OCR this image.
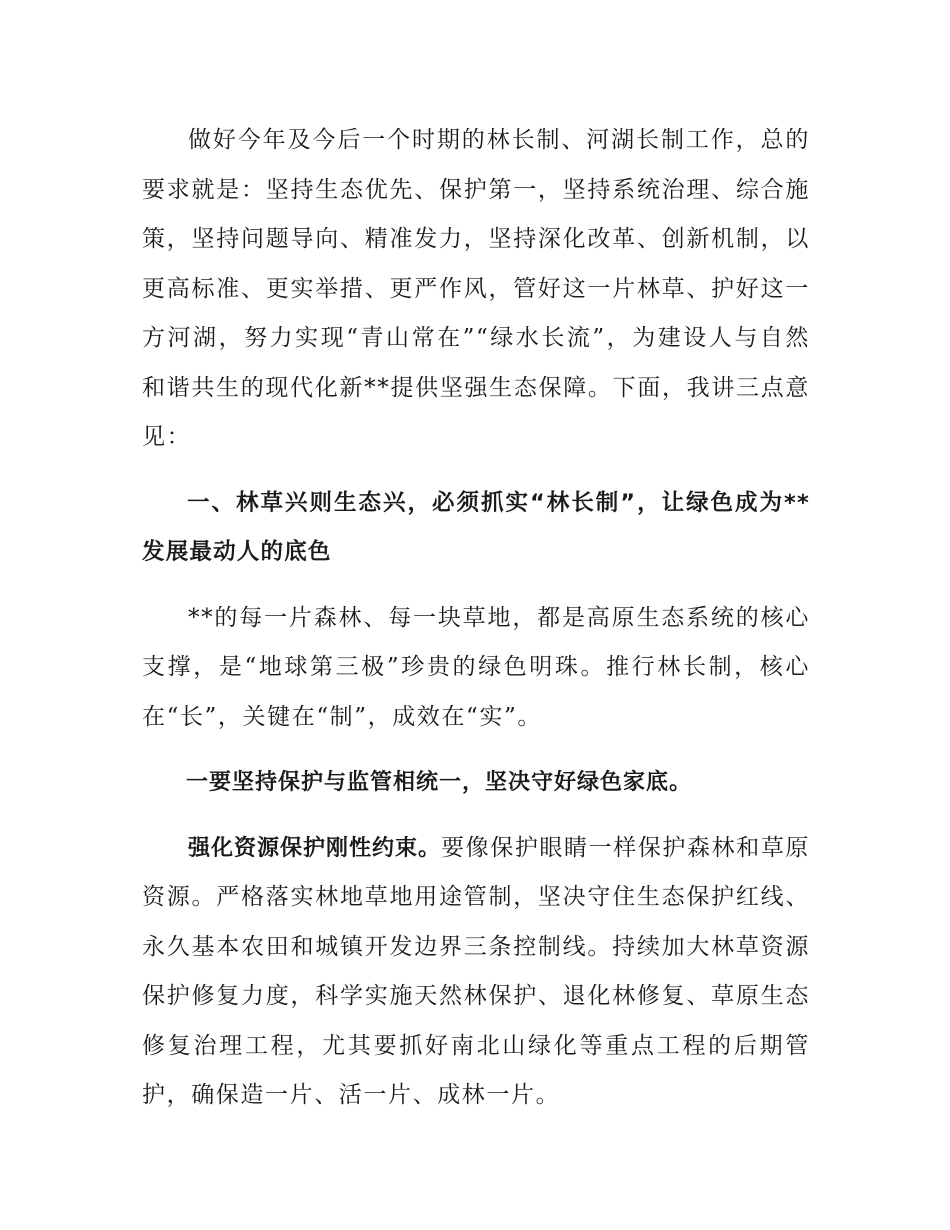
做好今年及今后一个时期的林长制、河湖长制工作，总的要求就是：坚持生态优先、保护第一，坚持系统治理、综合施策，坚持问题导向、精准发力，坚持深化改革、创新机制，以更高标准、更实举措、更严作风，管好这一片林草、护好这一方河湖，努力实现“青山常在”“绿水长流”，为建设人与自然和谐共生的现代化新**提供坚强生态保障。下面，我讲三点意见：

一、林草兴则生态兴，必须抓实“林长制”，让绿色成为**发展最动人的底色

**的每一片森林、每一块草地，都是高原生态系统的核心支撑，是“地球第三极”珍贵的绿色明珠。推行林长制，核心在“长”，关键在“制”，成效在“实”。

一要坚持保护与监管相统一，坚决守好绿色家底。

强化资源保护刚性约束。要像保护眼睛一样保护森林和草原资源。严格落实林地草地用途管制，坚决守住生态保护红线、永久基本农田和城镇开发边界三条控制线。持续加大林草资源保护修复力度，科学实施天然林保护、退化林修复、草原生态修复治理工程，尤其要抓好南北山绿化等重点工程的后期管护，确保造一片、活一片、成林一片。
